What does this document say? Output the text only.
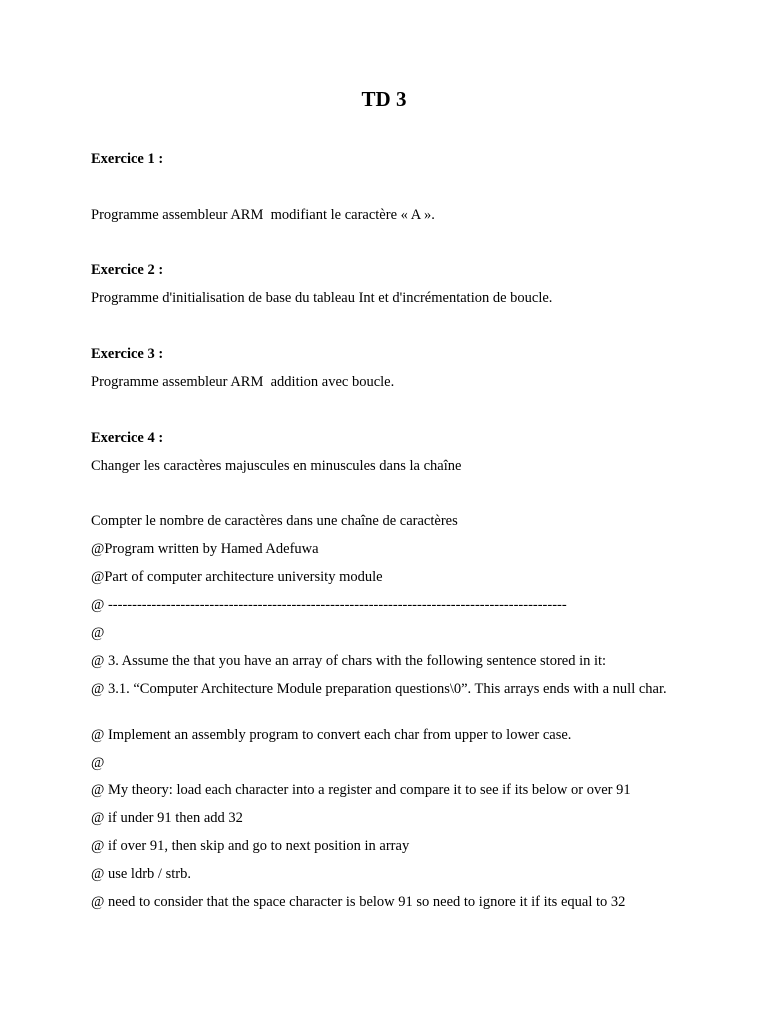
TD 3
Exercice 1 :
Programme assembleur ARM  modifiant le caractère « A ».
Exercice 2 :
Programme d'initialisation de base du tableau Int et d'incrémentation de boucle.
Exercice 3 :
Programme assembleur ARM  addition avec boucle.
Exercice 4 :
Changer les caractères majuscules en minuscules dans la chaîne
Compter le nombre de caractères dans une chaîne de caractères
@Program written by Hamed Adefuwa
@Part of computer architecture university module
@ -----------------------------------------------------------------------------------------------
@
@ 3. Assume the that you have an array of chars with the following sentence stored in it:
@ 3.1. “Computer Architecture Module preparation questions\0”. This arrays ends with a null char.
@ Implement an assembly program to convert each char from upper to lower case.
@
@ My theory: load each character into a register and compare it to see if its below or over 91
@ if under 91 then add 32
@ if over 91, then skip and go to next position in array
@ use ldrb / strb.
@ need to consider that the space character is below 91 so need to ignore it if its equal to 32
